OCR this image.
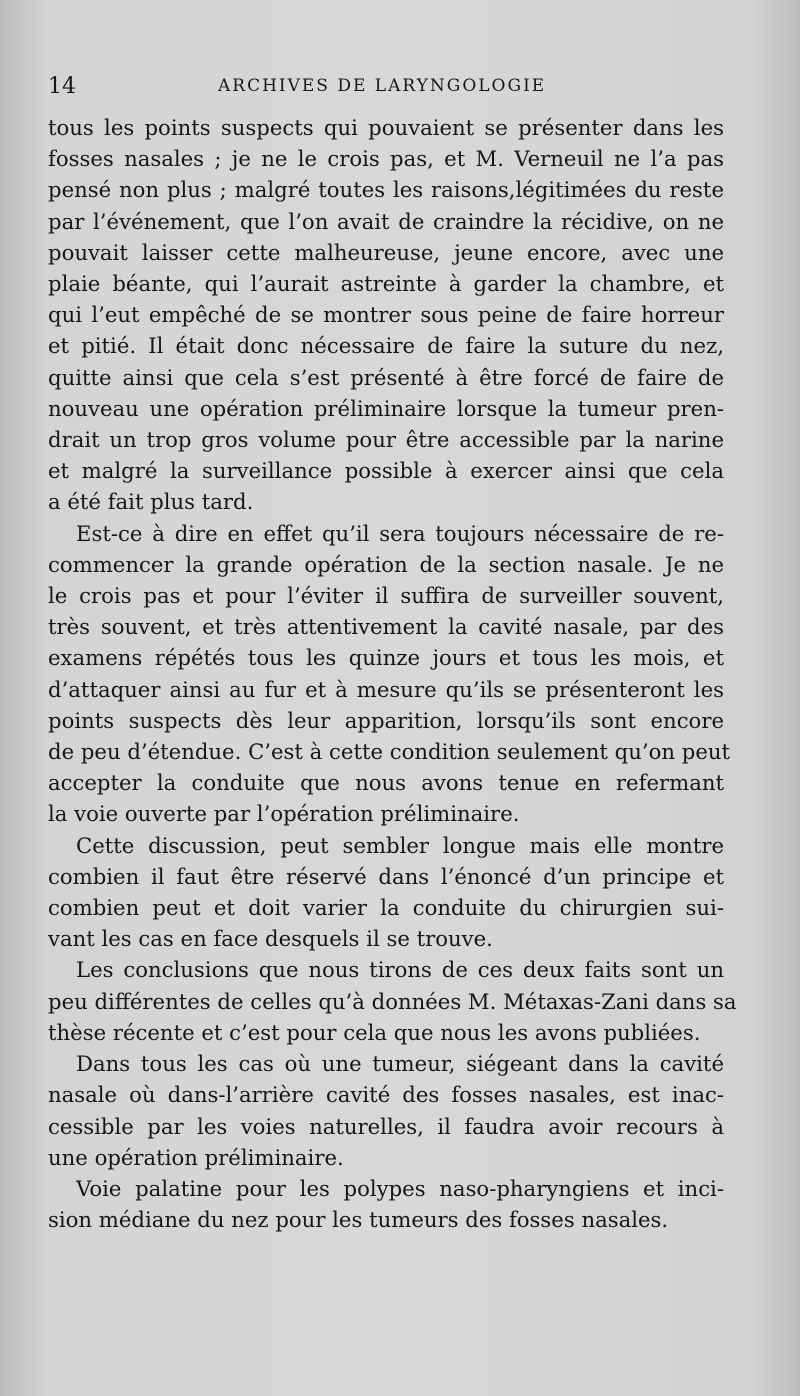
14	ARCHIVES DE LARYNGOLOGIE

tous les points suspects qui pouvaient se présenter dans les
fosses nasales ; je ne le crois pas, et M. Verneuil ne l’a pas
pensé non plus ; malgré toutes les raisons,légitimées du reste
par l’événement, que l’on avait de craindre la récidive, on ne
pouvait laisser cette malheureuse, jeune encore, avec une
plaie béante, qui l’aurait astreinte à garder la chambre, et
qui l’eut empêché de se montrer sous peine de faire horreur
et pitié. Il était donc nécessaire de faire la suture du nez,
quitte ainsi que cela s’est présenté à être forcé de faire de
nouveau une opération préliminaire lorsque la tumeur pren-
drait un trop gros volume pour être accessible par la narine
et malgré la surveillance possible à exercer ainsi que cela
a été fait plus tard.

Est-ce à dire en effet qu’il sera toujours nécessaire de re-
commencer la grande opération de la section nasale. Je ne
le crois pas et pour l’éviter il suffira de surveiller souvent,
très souvent, et très attentivement la cavité nasale, par des
examens répétés tous les quinze jours et tous les mois, et
d’attaquer ainsi au fur et à mesure qu’ils se présenteront les
points suspects dès leur apparition, lorsqu’ils sont encore
de peu d’étendue. C’est à cette condition seulement qu’on peut
accepter la conduite que nous avons tenue en refermant
la voie ouverte par l’opération préliminaire.

Cette discussion, peut sembler longue mais elle montre
combien il faut être réservé dans l’énoncé d’un principe et
combien peut et doit varier la conduite du chirurgien sui-
vant les cas en face desquels il se trouve.

Les conclusions que nous tirons de ces deux faits sont un
peu différentes de celles qu’à données M. Métaxas-Zani dans sa
thèse récente et c’est pour cela que nous les avons publiées.

Dans tous les cas où une tumeur, siégeant dans la cavité
nasale où dans-l’arrière cavité des fosses nasales, est inac-
cessible par les voies naturelles, il faudra avoir recours à
une opération préliminaire.

Voie palatine pour les polypes naso-pharyngiens et inci-
sion médiane du nez pour les tumeurs des fosses nasales.
